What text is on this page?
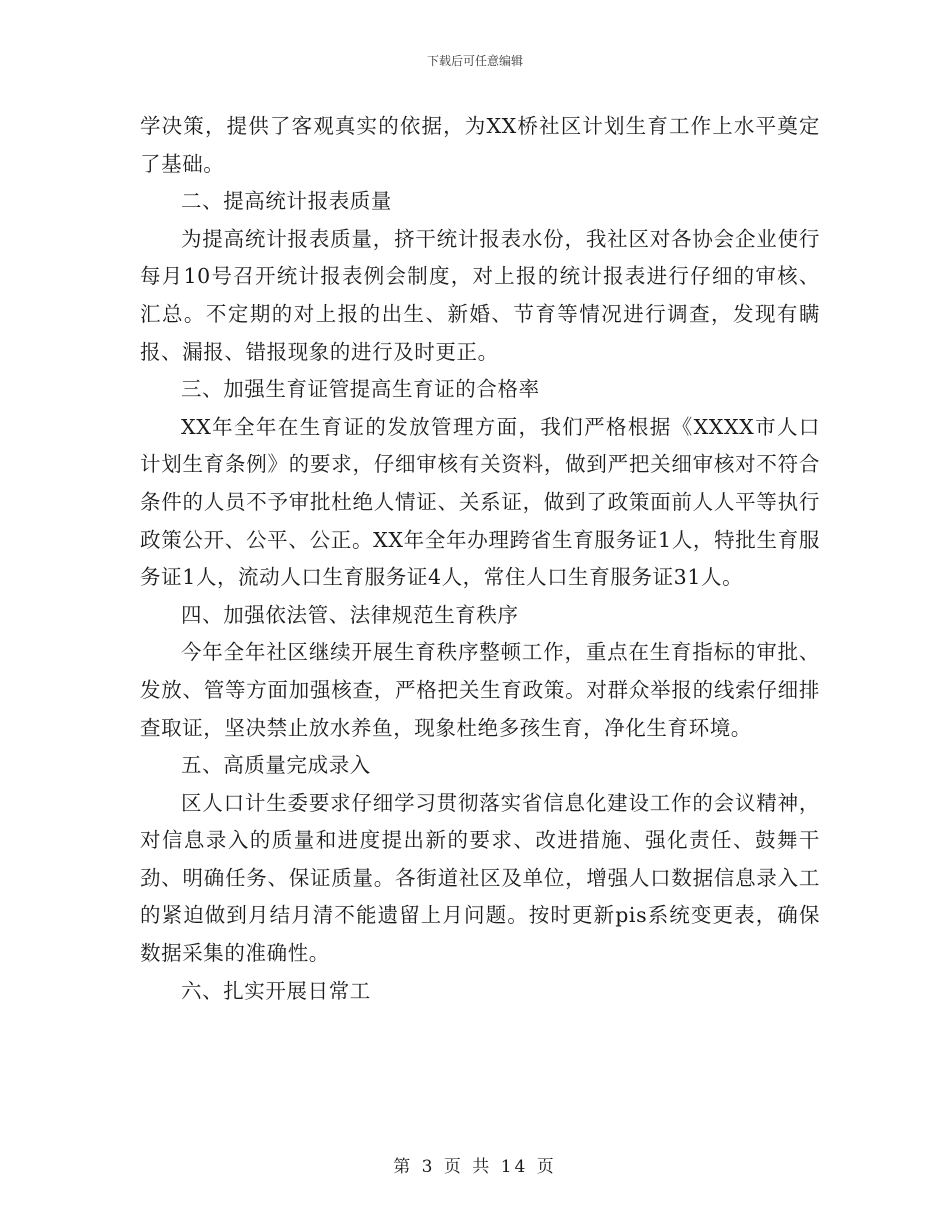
下载后可任意编辑

学决策，提供了客观真实的依据，为XX桥社区计划生育工作上水平奠定了基础。

二、提高统计报表质量

为提高统计报表质量，挤干统计报表水份，我社区对各协会企业使行每月10号召开统计报表例会制度，对上报的统计报表进行仔细的审核、汇总。不定期的对上报的出生、新婚、节育等情况进行调查，发现有瞒报、漏报、错报现象的进行及时更正。

三、加强生育证管提高生育证的合格率

XX年全年在生育证的发放管理方面，我们严格根据《XXXX市人口计划生育条例》的要求，仔细审核有关资料，做到严把关细审核对不符合条件的人员不予审批杜绝人情证、关系证，做到了政策面前人人平等执行政策公开、公平、公正。XX年全年办理跨省生育服务证1人，特批生育服务证1人，流动人口生育服务证4人，常住人口生育服务证31人。

四、加强依法管、法律规范生育秩序

今年全年社区继续开展生育秩序整顿工作，重点在生育指标的审批、发放、管等方面加强核查，严格把关生育政策。对群众举报的线索仔细排查取证，坚决禁止放水养鱼，现象杜绝多孩生育，净化生育环境。

五、高质量完成录入

区人口计生委要求仔细学习贯彻落实省信息化建设工作的会议精神，对信息录入的质量和进度提出新的要求、改进措施、强化责任、鼓舞干劲、明确任务、保证质量。各街道社区及单位，增强人口数据信息录入工的紧迫做到月结月清不能遗留上月问题。按时更新pis系统变更表，确保数据采集的准确性。

六、扎实开展日常工

第 3 页 共 14 页
